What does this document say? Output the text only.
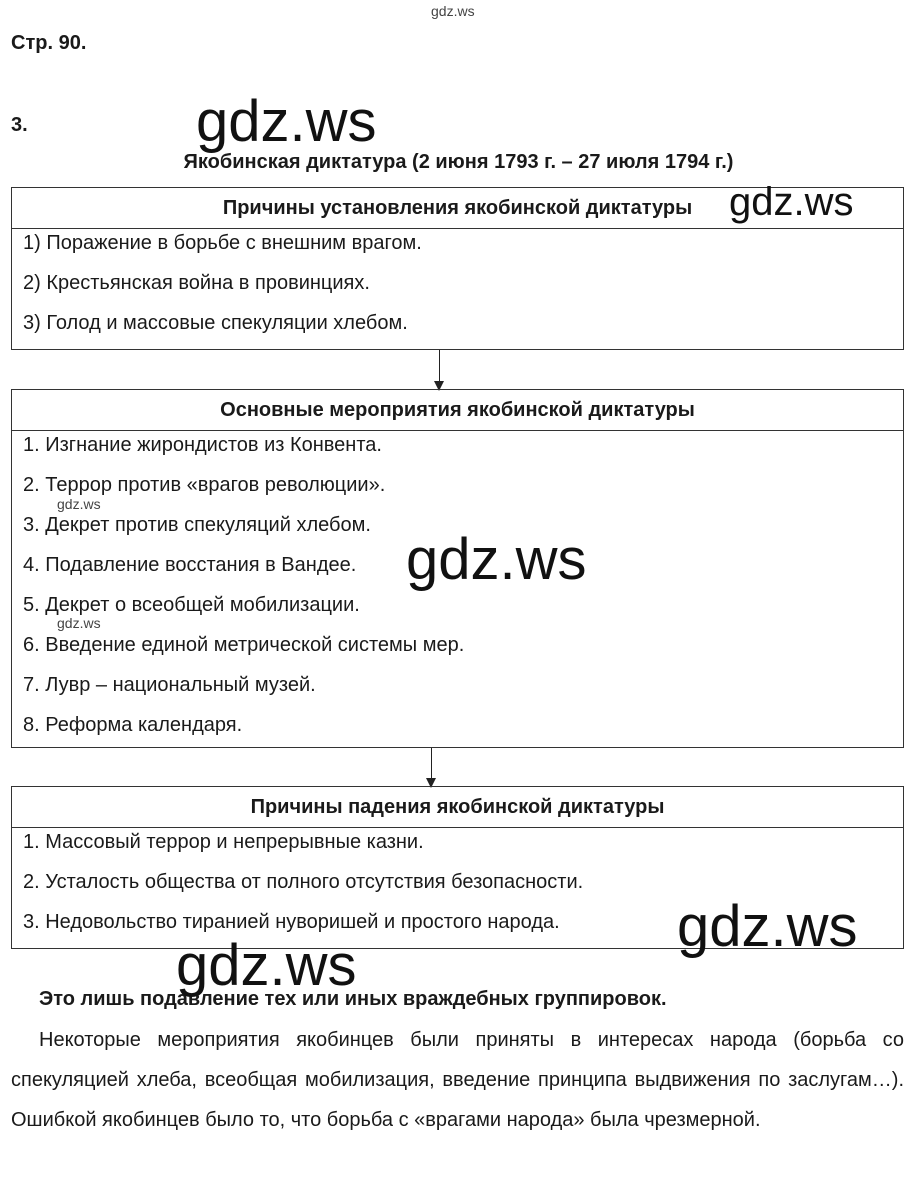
gdz.ws
Стр. 90.
3.
Якобинская диктатура (2 июня 1793 г. – 27 июля 1794 г.)
Причины установления якобинской диктатуры
1) Поражение в борьбе с внешним врагом.
2) Крестьянская война в провинциях.
3) Голод и массовые спекуляции хлебом.
Основные мероприятия якобинской диктатуры
1. Изгнание жирондистов из Конвента.
2. Террор против «врагов революции».
3. Декрет против спекуляций хлебом.
4. Подавление восстания в Вандее.
5. Декрет о всеобщей мобилизации.
6. Введение единой метрической системы мер.
7. Лувр – национальный музей.
8. Реформа календаря.
Причины падения якобинской диктатуры
1. Массовый террор и непрерывные казни.
2. Усталость общества от полного отсутствия безопасности.
3. Недовольство тиранией нуворишей и простого народа.
Это лишь подавление тех или иных враждебных группировок.
Некоторые мероприятия якобинцев были приняты в интересах народа (борьба со спекуляцией хлеба, всеобщая мобилизация, введение принципа выдвижения по заслугам…). Ошибкой якобинцев было то, что борьба с «врагами народа» была чрезмерной.
gdz.ws
gdz.ws
gdz.ws
gdz.ws
gdz.ws
gdz.ws
gdz.ws
